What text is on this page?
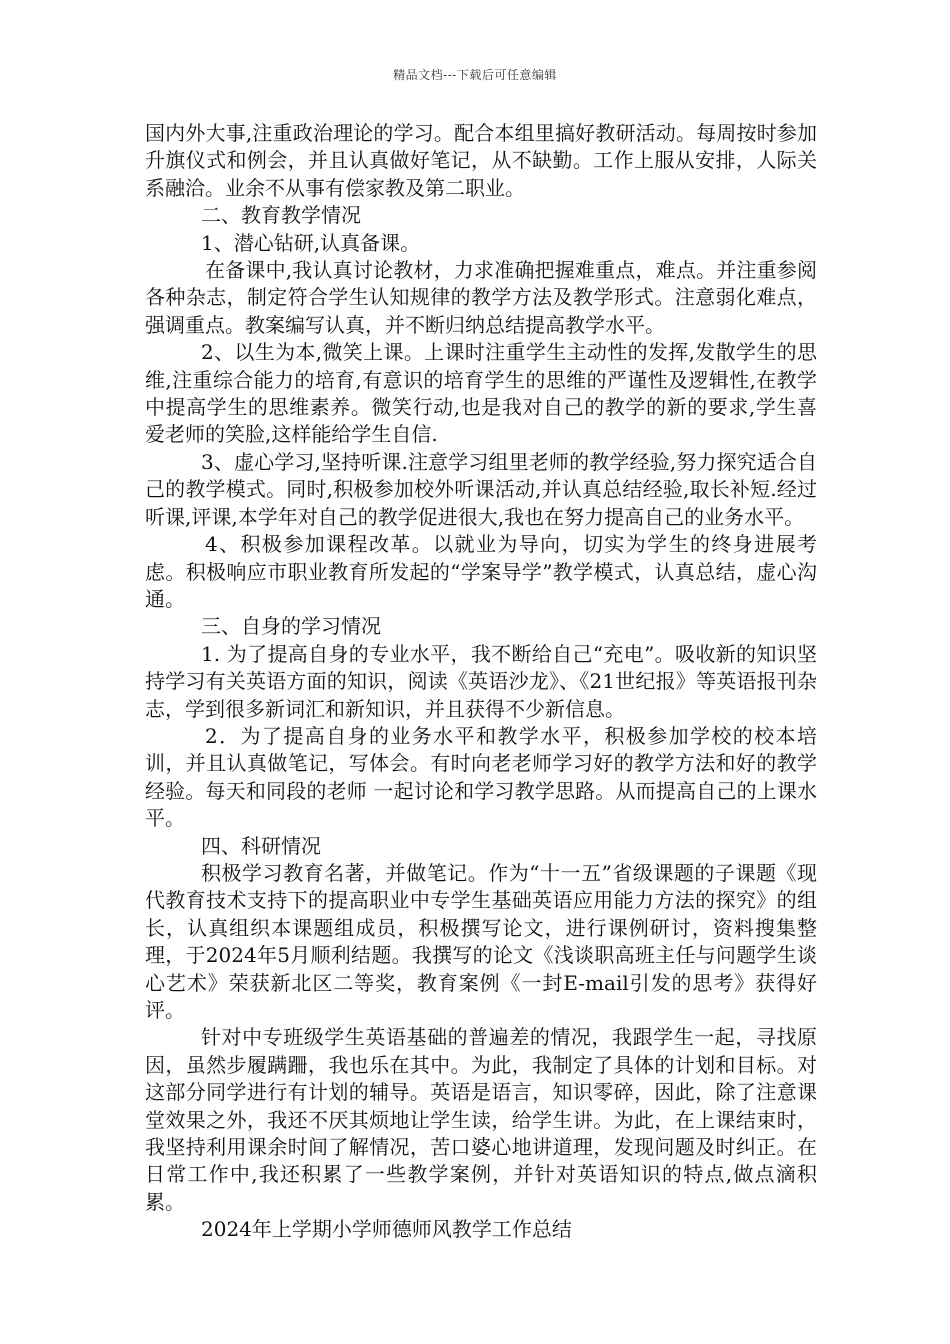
精品文档---下载后可任意编辑

国内外大事,注重政治理论的学习。配合本组里搞好教研活动。每周按时参加升旗仪式和例会，并且认真做好笔记，从不缺勤。工作上服从安排，人际关系融洽。业余不从事有偿家教及第二职业。

二、教育教学情况

1、潜心钻研,认真备课。

在备课中,我认真讨论教材，力求准确把握难重点，难点。并注重参阅各种杂志，制定符合学生认知规律的教学方法及教学形式。注意弱化难点，强调重点。教案编写认真，并不断归纳总结提高教学水平。

2、以生为本,微笑上课。上课时注重学生主动性的发挥,发散学生的思维,注重综合能力的培育,有意识的培育学生的思维的严谨性及逻辑性,在教学中提高学生的思维素养。微笑行动,也是我对自己的教学的新的要求,学生喜爱老师的笑脸,这样能给学生自信.

3、虚心学习,坚持听课.注意学习组里老师的教学经验,努力探究适合自己的教学模式。同时,积极参加校外听课活动,并认真总结经验,取长补短.经过听课,评课,本学年对自己的教学促进很大,我也在努力提高自己的业务水平。

4、积极参加课程改革。以就业为导向，切实为学生的终身进展考虑。积极响应市职业教育所发起的“学案导学”教学模式，认真总结，虚心沟通。

三、自身的学习情况

1. 为了提高自身的专业水平，我不断给自己“充电”。吸收新的知识坚持学习有关英语方面的知识，阅读《英语沙龙》、《21世纪报》等英语报刊杂志，学到很多新词汇和新知识，并且获得不少新信息。

2．为了提高自身的业务水平和教学水平，积极参加学校的校本培训，并且认真做笔记，写体会。有时向老老师学习好的教学方法和好的教学经验。每天和同段的老师 一起讨论和学习教学思路。从而提高自己的上课水平。

四、科研情况

积极学习教育名著，并做笔记。作为“十一五”省级课题的子课题《现代教育技术支持下的提高职业中专学生基础英语应用能力方法的探究》的组长，认真组织本课题组成员，积极撰写论文，进行课例研讨，资料搜集整理，于2024年5月顺利结题。我撰写的论文《浅谈职高班主任与问题学生谈心艺术》荣获新北区二等奖，教育案例《一封E-mail引发的思考》获得好评。

针对中专班级学生英语基础的普遍差的情况，我跟学生一起，寻找原因，虽然步履蹒跚，我也乐在其中。为此，我制定了具体的计划和目标。对这部分同学进行有计划的辅导。英语是语言，知识零碎，因此，除了注意课堂效果之外，我还不厌其烦地让学生读，给学生讲。为此，在上课结束时，我坚持利用课余时间了解情况，苦口婆心地讲道理，发现问题及时纠正。在日常工作中,我还积累了一些教学案例，并针对英语知识的特点,做点滴积累。

2024年上学期小学师德师风教学工作总结
